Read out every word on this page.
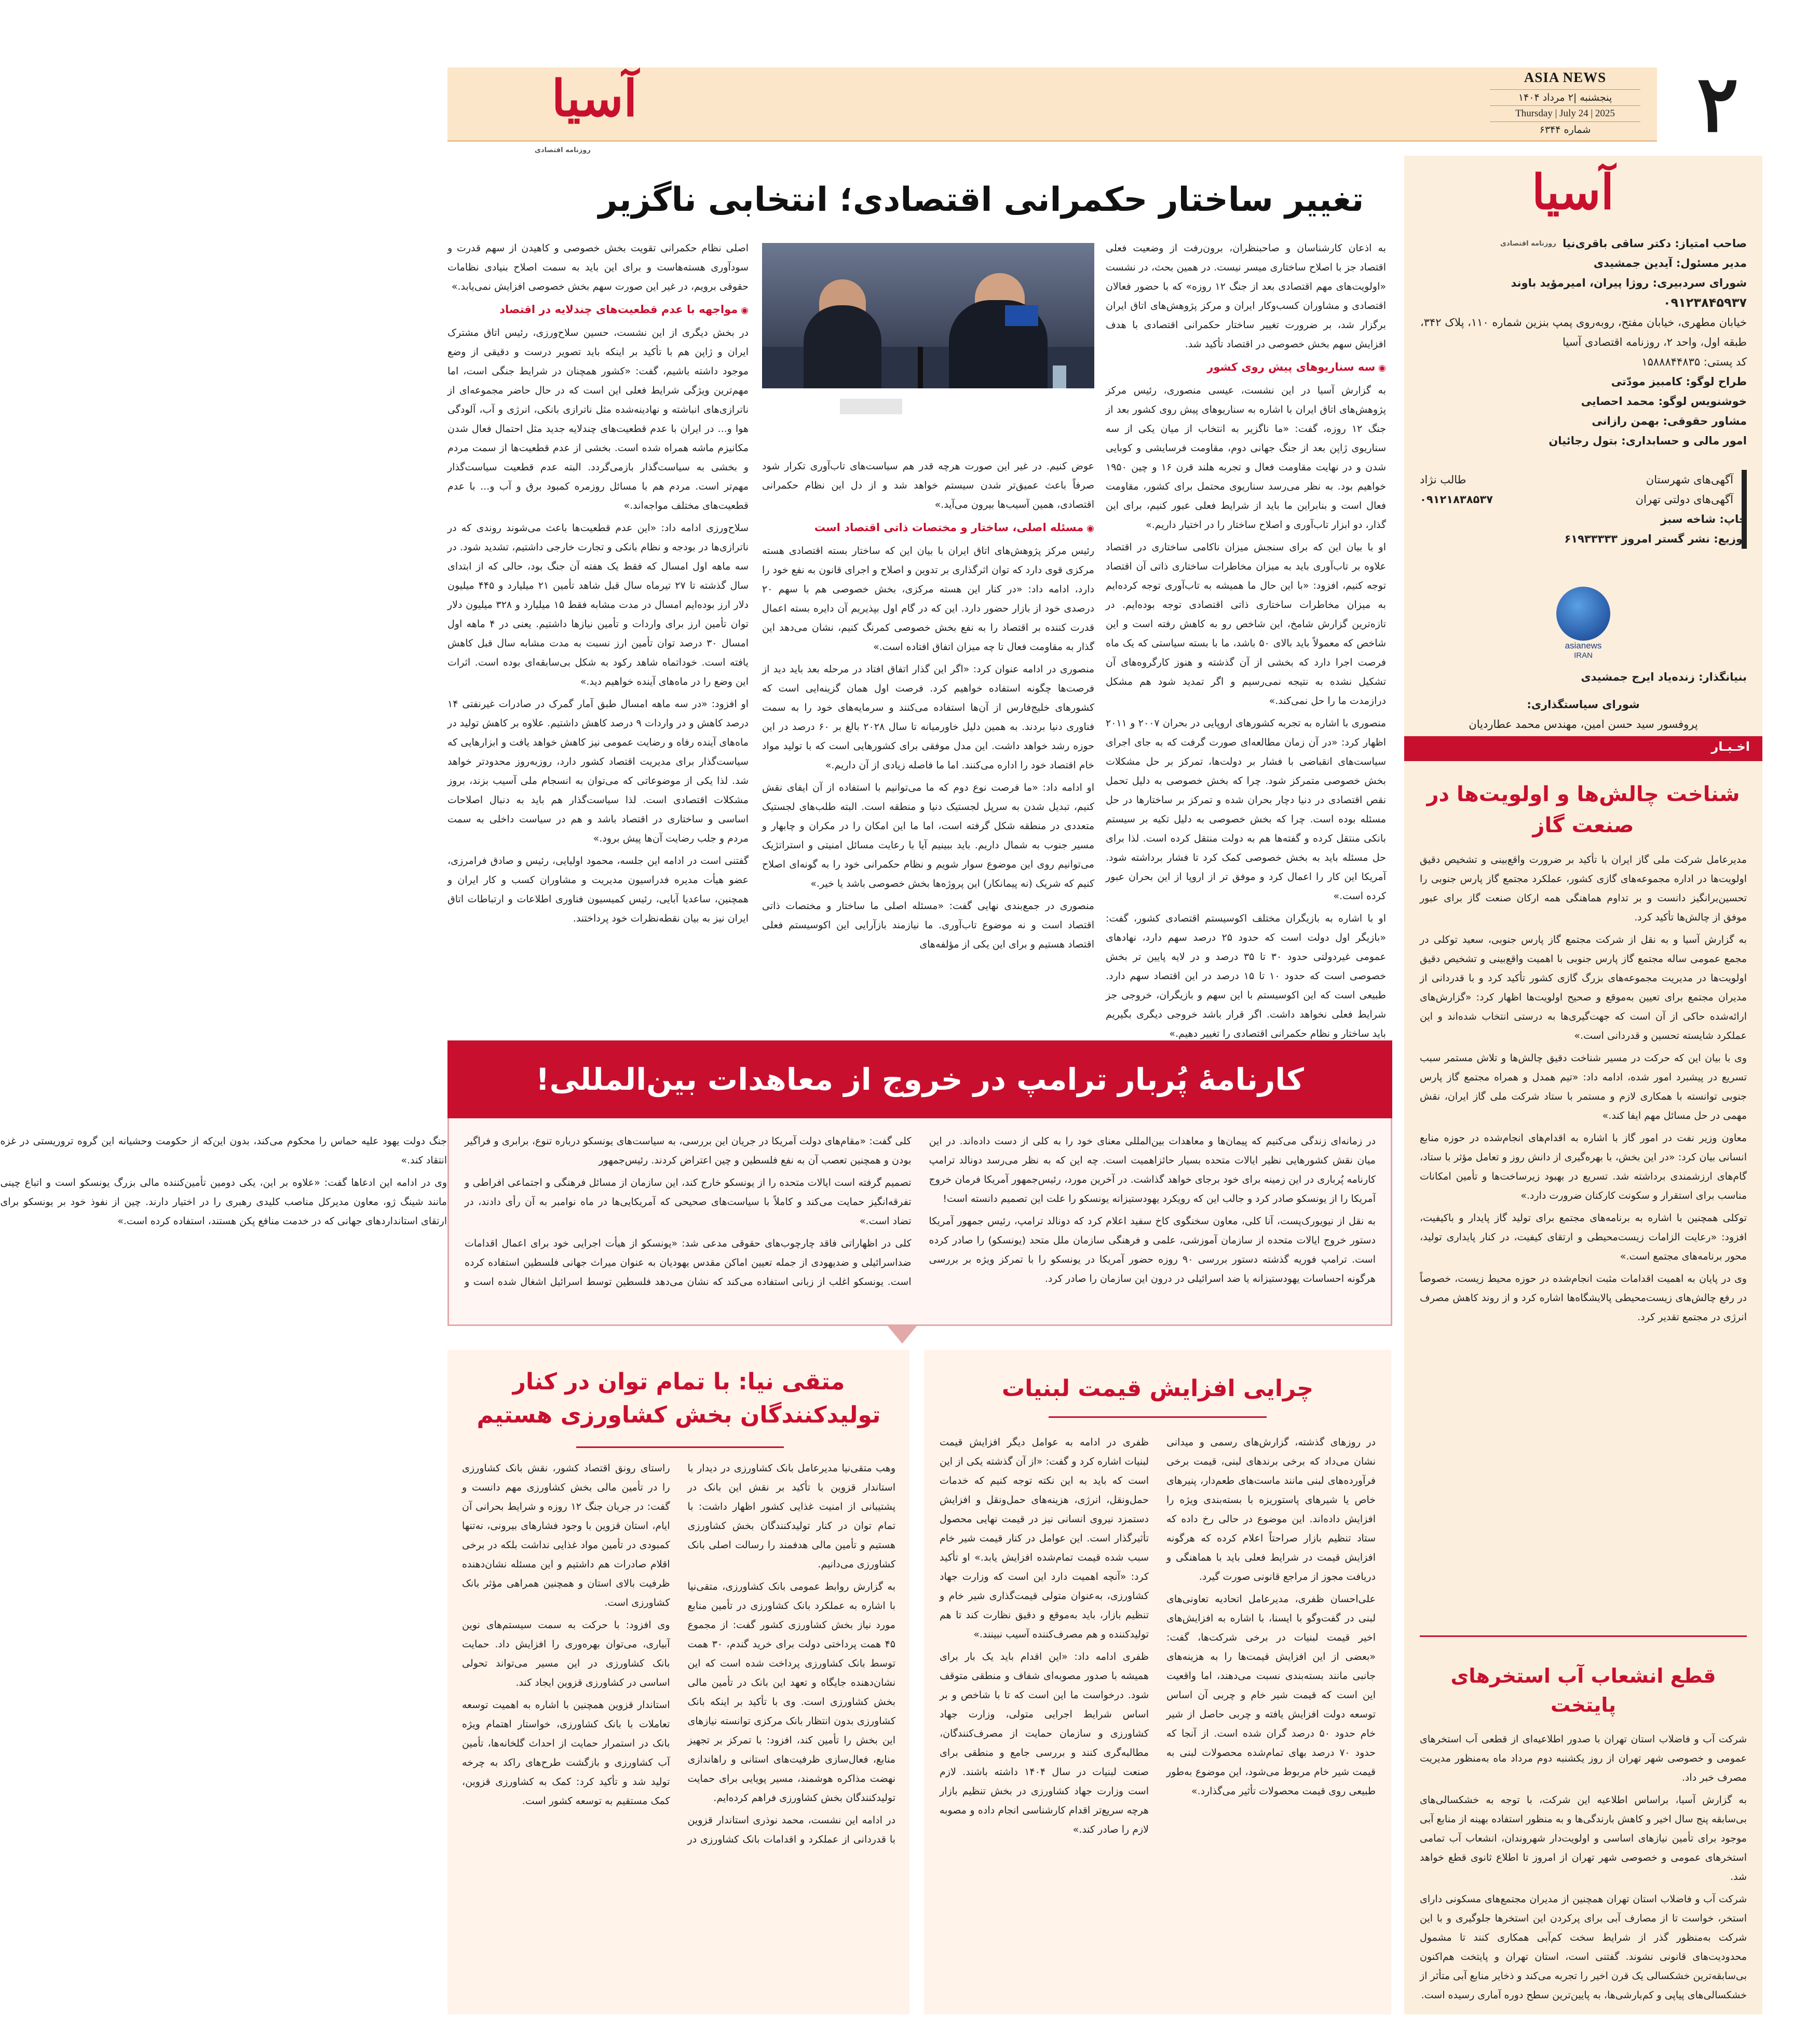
۲
ASIA NEWS
پنجشنبه |۲ مرداد ۱۴۰۴
Thursday | July 24 | 2025
شماره ۶۳۴۴
آسیا
روزنامه اقتصادی
آسیا
روزنامه اقتصادی صاحب امتیاز: دکتر ساقی باقری‌نیا
مدیر مسئول: آیدین جمشیدی
شورای سردبیری: روژا پیران، امیرمؤید باوند
۰۹۱۲۳۸۴۵۹۳۷
خیابان مطهری، خیابان مفتح، روبه‌روی پمپ بنزین شماره ۱۱۰، پلاک ۳۴۲، طبقه اول، واحد ۲، روزنامه اقتصادی آسیا
کد پستی: ۱۵۸۸۸۴۴۸۳۵
طراح لوگو: کامبیز مودّتی
خوشنویس لوگو: محمد احصایی
مشاور حقوقی: بهمن رازانی
امور مالی و حسابداری: بتول رجائیان
آگهی‌های شهرستان
طالب نژاد
آگهی‌های دولتی تهران
۰۹۱۲۱۸۳۸۵۳۷
چاپ: شاخه سبز
توزیع: نشر گستر امروز ۶۱۹۳۳۳۳۳
asianews
IRAN
بنیانگذار: زنده‌یاد ایرج جمشیدی
شورای سیاستگذاری:
پروفسور سید حسن امین، مهندس محمد عطاردیان
اخـبـار
شناخت چالش‌ها و اولویت‌ها در صنعت گاز

مدیرعامل شرکت ملی گاز ایران با تأکید بر ضرورت واقع‌بینی و تشخیص دقیق اولویت‌ها در اداره مجموعه‌های گازی کشور، عملکرد مجتمع گاز پارس جنوبی را تحسین‌برانگیز دانست و بر تداوم هماهنگی همه ارکان صنعت گاز برای عبور موفق از چالش‌ها تأکید کرد.

به گزارش آسیا و به نقل از شرکت مجتمع گاز پارس جنوبی، سعید توکلی در مجمع عمومی ساله مجتمع گاز پارس جنوبی با اهمیت واقع‌بینی و تشخیص دقیق اولویت‌ها در مدیریت مجموعه‌های بزرگ گازی کشور تأکید کرد و با قدردانی از مدیران مجتمع برای تعیین به‌موقع و صحیح اولویت‌ها اظهار کرد: «گزارش‌های ارائه‌شده حاکی از آن است که جهت‌گیری‌ها به درستی انتخاب شده‌اند و این عملکرد شایسته تحسین و قدردانی است.»

وی با بیان این که حرکت در مسیر شناخت دقیق چالش‌ها و تلاش مستمر سبب تسریع در پیشبرد امور شده، ادامه داد: «تیم همدل و همراه مجتمع گاز پارس جنوبی توانسته با همکاری لازم و مستمر با ستاد شرکت ملی گاز ایران، نقش مهمی در حل مسائل مهم ایفا کند.»

معاون وزیر نفت در امور گاز با اشاره به اقدام‌های انجام‌شده در حوزه منابع انسانی بیان کرد: «در این بخش، با بهره‌گیری از دانش روز و تعامل مؤثر با ستاد، گام‌های ارزشمندی برداشته شد. تسریع در بهبود زیرساخت‌ها و تأمین امکانات مناسب برای استقرار و سکونت کارکنان ضرورت دارد.»

توکلی همچنین با اشاره به برنامه‌های مجتمع برای تولید گاز پایدار و باکیفیت، افزود: «رعایت الزامات زیست‌محیطی و ارتقای کیفیت، در کنار پایداری تولید، محور برنامه‌های مجتمع است.»

وی در پایان به اهمیت اقدامات مثبت انجام‌شده در حوزه محیط زیست، خصوصاً در رفع چالش‌های زیست‌محیطی پالایشگاه‌ها اشاره کرد و از روند کاهش مصرف انرژی در مجتمع تقدیر کرد.

قطع انشعاب آب استخرهای پایتخت

شرکت آب و فاضلاب استان تهران با صدور اطلاعیه‌ای از قطعی آب استخرهای عمومی و خصوصی شهر تهران از روز یکشنبه دوم مرداد ماه به‌منظور مدیریت مصرف خبر داد.

به گزارش آسیا، براساس اطلاعیه این شرکت، با توجه به خشکسالی‌های بی‌سابقه پنج سال اخیر و کاهش بارندگی‌ها و به منظور استفاده بهینه از منابع آبی موجود برای تأمین نیازهای اساسی و اولویت‌دار شهروندان، انشعاب آب تمامی استخرهای عمومی و خصوصی شهر تهران از امروز تا اطلاع ثانوی قطع خواهد شد.

شرکت آب و فاضلاب استان تهران همچنین از مدیران مجتمع‌های مسکونی دارای استخر، خواست تا از مصارف آبی برای پرکردن این استخرها جلوگیری و با این شرکت به‌منظور گذر از شرایط سخت کم‌آبی همکاری کنند تا مشمول محدودیت‌های قانونی نشوند. گفتنی است، استان تهران و پایتخت هم‌اکنون بی‌سابقه‌ترین خشکسالی یک قرن اخیر را تجربه می‌کند و ذخایر منابع آبی متأثر از خشکسالی‌های پیاپی و کم‌بارشی‌ها، به پایین‌ترین سطح دوره آماری رسیده است.

تغییر ساختار حکمرانی اقتصادی؛ انتخابی ناگزیر

به اذعان کارشناسان و صاحبنظران، برون‌رفت از وضعیت فعلی اقتصاد جز با اصلاح ساختاری میسر نیست. در همین بحث، در نشست «اولویت‌های مهم اقتصادی بعد از جنگ ۱۲ روزه» که با حضور فعالان اقتصادی و مشاوران کسب‌وکار ایران و مرکز پژوهش‌های اتاق ایران برگزار شد، بر ضرورت تغییر ساختار حکمرانی اقتصادی با هدف افزایش سهم بخش خصوصی در اقتصاد تأکید شد.

◉ سه سناریوهای پیش روی کشور

به گزارش آسیا در این نشست، عیسی منصوری، رئیس مرکز پژوهش‌های اتاق ایران با اشاره به سناریوهای پیش روی کشور بعد از جنگ ۱۲ روزه، گفت: «ما ناگزیر به انتخاب از میان یکی از سه سناریوی ژاپن بعد از جنگ جهانی دوم، مقاومت فرسایشی و کوبایی شدن و در نهایت مقاومت فعال و تجربه هلند قرن ۱۶ و چین ۱۹۵۰ خواهیم بود. به نظر می‌رسد سناریوی محتمل برای کشور، مقاومت فعال است و بنابراین ما باید از شرایط فعلی عبور کنیم، برای این گذار، دو ابزار تاب‌آوری و اصلاح ساختار را در اختیار داریم.»

او با بیان این که برای سنجش میزان ناکامی ساختاری در اقتصاد علاوه بر تاب‌آوری باید به میزان مخاطرات ساختاری ذاتی آن اقتصاد توجه کنیم، افزود: «با این حال ما همیشه به تاب‌آوری توجه کرده‌ایم به میزان مخاطرات ساختاری ذاتی اقتصادی توجه بوده‌ایم. در تازه‌ترین گزارش شامخ، این شاخص رو به کاهش رفته است و این شاخص که معمولاً باید بالای ۵۰ باشد، ما با بسته سیاستی که یک ماه فرصت اجرا دارد که بخشی از آن گذشته و هنوز کارگروه‌های آن تشکیل نشده به نتیجه نمی‌رسیم و اگر تمدید شود هم مشکل درازمدت ما را حل نمی‌کند.»

منصوری با اشاره به تجربه کشورهای اروپایی در بحران ۲۰۰۷ و ۲۰۱۱ اظهار کرد: «در آن زمان مطالعه‌ای صورت گرفت که به جای اجرای سیاست‌های انقباضی با فشار بر دولت‌ها، تمرکز بر حل مشکلات بخش خصوصی متمرکز شود. چرا که بخش خصوصی به دلیل تحمل نقص اقتصادی در دنیا دچار بحران شده و تمرکز بر ساختارها در حل مسئله بوده است. چرا که بخش خصوصی به دلیل تکیه بر سیستم بانکی منتقل کرده و گفته‌ها هم به دولت منتقل کرده است. لذا برای حل مسئله باید به بخش خصوصی کمک کرد تا فشار برداشته شود. آمریکا این کار را اعمال کرد و موفق تر از اروپا از این بحران عبور کرده است.»

او با اشاره به بازیگران مختلف اکوسیستم اقتصادی کشور، گفت: «بازیگر اول دولت است که حدود ۲۵ درصد سهم دارد، نهادهای عمومی غیردولتی حدود ۳۰ تا ۳۵ درصد و در لایه پایین تر بخش خصوصی است که حدود ۱۰ تا ۱۵ درصد در این اقتصاد سهم دارد. طبیعی است که این اکوسیستم با این سهم و بازیگران، خروجی جز شرایط فعلی نخواهد داشت. اگر قرار باشد خروجی دیگری بگیریم باید ساختار و نظام حکمرانی اقتصادی را تغییر دهیم.»

عوض کنیم. در غیر این صورت هرچه قدر هم سیاست‌های تاب‌آوری تکرار شود صرفاً باعث عمیق‌تر شدن سیستم خواهد شد و از دل این نظام حکمرانی اقتصادی، همین آسیب‌ها بیرون می‌آید.»

◉ مسئله اصلی، ساختار و مختصات ذاتی اقتصاد است

رئیس مرکز پژوهش‌های اتاق ایران با بیان این که ساختار بسته اقتصادی هسته مرکزی قوی دارد که توان اثرگذاری بر تدوین و اصلاح و اجرای قانون به نفع خود را دارد، ادامه داد: «در کنار این هسته مرکزی، بخش خصوصی هم با سهم ۲۰ درصدی خود از بازار حضور دارد. این که در گام اول بپذیریم آن دایره بسته اعمال قدرت کننده بر اقتصاد را به نفع بخش خصوصی کمرنگ کنیم، نشان می‌دهد این گذار به مقاومت فعال تا چه میزان اتفاق افتاده است.»

منصوری در ادامه عنوان کرد: «اگر این گذار اتفاق افتاد در مرحله بعد باید دید از فرصت‌ها چگونه استفاده خواهیم کرد. فرصت اول همان گزینه‌ایی است که کشورهای خلیج‌فارس از آن‌ها استفاده می‌کنند و سرمایه‌های خود را به سمت فناوری دنیا بردند. به همین دلیل خاورمیانه تا سال ۲۰۲۸ بالغ بر ۶۰ درصد در این حوزه رشد خواهد داشت. این مدل موفقی برای کشورهایی است که با تولید مواد خام اقتصاد خود را اداره می‌کنند. اما ما فاصله زیادی از آن داریم.»

او ادامه داد: «ما فرصت نوع دوم که ما می‌توانیم با استفاده از آن ایفای نقش کنیم، تبدیل شدن به سرپل لجستیک دنیا و منطقه است. البته طلب‌های لجستیک متعددی در منطقه شکل گرفته است، اما ما این امکان را در مکران و چابهار و مسیر جنوب به شمال داریم. باید ببینیم آیا با رعایت مسائل امنیتی و استراتژیک می‌توانیم روی این موضوع سوار شویم و نظام حکمرانی خود را به گونه‌ای اصلاح کنیم که شریک (نه پیمانکار) این پروژه‌ها بخش خصوصی باشد یا خیر.»

منصوری در جمع‌بندی نهایی گفت: «مسئله اصلی ما ساختار و مختصات ذاتی اقتصاد است و نه موضوع تاب‌آوری. ما نیازمند بازآرایی این اکوسیستم فعلی اقتصاد هستیم و برای این یکی از مؤلفه‌های

اصلی نظام حکمرانی تقویت بخش خصوصی و کاهیدن از سهم قدرت و سودآوری هسته‌هاست و برای این باید به سمت اصلاح بنیادی نظامات حقوقی برویم، در غیر این صورت سهم بخش خصوصی افزایش نمی‌یابد.»

◉ مواجهه با عدم قطعیت‌های چندلایه در اقتصاد

در بخش دیگری از این نشست، حسین سلاح‌ورزی، رئیس اتاق مشترک ایران و ژاپن هم با تأکید بر اینکه باید تصویر درست و دقیقی از وضع موجود داشته باشیم، گفت: «کشور همچنان در شرایط جنگی است، اما مهم‌ترین ویژگی شرایط فعلی این است که در حال حاضر مجموعه‌ای از ناترازی‌های انباشته و نهادینه‌شده مثل ناترازی بانکی، انرژی و آب، آلودگی هوا و... در ایران با عدم قطعیت‌های چندلایه جدید مثل احتمال فعال شدن مکانیزم ماشه همراه شده است. بخشی از عدم قطعیت‌ها از سمت مردم و بخشی به سیاست‌گذار بازمی‌گردد. البته عدم قطعیت سیاست‌گذار مهم‌تر است. مردم هم با مسائل روزمره کمبود برق و آب و... با عدم قطعیت‌های مختلف مواجه‌اند.»

سلاح‌ورزی ادامه داد: «این عدم قطعیت‌ها باعث می‌شوند روندی که در ناترازی‌ها در بودجه و نظام بانکی و تجارت خارجی داشتیم، تشدید شود. در سه ماهه اول امسال که فقط یک هفته آن جنگ بود، حالی که از ابتدای سال گذشته تا ۲۷ تیرماه سال قبل شاهد تأمین ۲۱ میلیارد و ۴۴۵ میلیون دلار ارز بوده‌ایم امسال در مدت مشابه فقط ۱۵ میلیارد و ۳۲۸ میلیون دلار توان تأمین ارز برای واردات و تأمین نیازها داشتیم. یعنی در ۴ ماهه اول امسال ۳۰ درصد توان تأمین ارز نسبت به مدت مشابه سال قبل کاهش یافته است. خوداتماه شاهد رکود به شکل بی‌سابقه‌ای بوده است. اثرات این وضع را در ماه‌های آینده خواهیم دید.»

او افزود: «در سه ماهه امسال طبق آمار گمرک در صادرات غیرنفتی ۱۴ درصد کاهش و در واردات ۹ درصد کاهش داشتیم. علاوه بر کاهش تولید در ماه‌های آینده رفاه و رضایت عمومی نیز کاهش خواهد یافت و ابزارهایی که سیاست‌گذار برای مدیریت اقتصاد کشور دارد، روزبه‌روز محدودتر خواهد شد. لذا یکی از موضوعاتی که می‌توان به انسجام ملی آسیب بزند، بروز مشکلات اقتصادی است. لذا سیاست‌گذار هم باید به دنبال اصلاحات اساسی و ساختاری در اقتصاد باشد و هم در سیاست داخلی به سمت مردم و جلب رضایت آن‌ها پیش برود.»

گفتنی است در ادامه این جلسه، محمود اولیایی، رئیس و صادق فرامرزی، عضو هیأت مدیره فدراسیون مدیریت و مشاوران کسب و کار ایران و همچنین، ساعدیا آبایی، رئیس کمیسیون فناوری اطلاعات و ارتباطات اتاق ایران نیز به بیان نقطه‌نظرات خود پرداختند.

کارنامۀ پُربار ترامپ در خروج از معاهدات بین‌المللی!

در زمانه‌ای زندگی می‌کنیم که پیمان‌ها و معاهدات بین‌المللی معنای خود را به کلی از دست داده‌اند. در این میان نقش کشورهایی نظیر ایالات متحده بسیار حائزاهمیت است. چه این که به نظر می‌رسد دونالد ترامپ کارنامه پُرباری در این زمینه برای خود برجای خواهد گذاشت. در آخرین مورد، رئیس‌جمهور آمریکا فرمان خروج آمریکا را از یونسکو صادر کرد و جالب این که رویکرد یهودستیزانه یونسکو را علت این تصمیم دانسته است!

به نقل از نیویورک‌پست، آنا کلی، معاون سخنگوی کاخ سفید اعلام کرد که دونالد ترامپ، رئیس جمهور آمریکا دستور خروج ایالات متحده از سازمان آموزشی، علمی و فرهنگی سازمان ملل متحد (یونسکو) را صادر کرده است. ترامپ فوریه گذشته دستور بررسی ۹۰ روزه حضور آمریکا در یونسکو را با تمرکز ویژه بر بررسی هرگونه احساسات یهودستیزانه یا ضد اسرائیلی در درون این سازمان را صادر کرد.

کلی گفت: «مقام‌های دولت آمریکا در جریان این بررسی، به سیاست‌های یونسکو درباره تنوع، برابری و فراگیر بودن و همچنین تعصب آن به نفع فلسطین و چین اعتراض کردند. رئیس‌جمهور

تصمیم گرفته است ایالات متحده را از یونسکو خارج کند، این سازمان از مسائل فرهنگی و اجتماعی افراطی و تفرقه‌انگیز حمایت می‌کند و کاملاً با سیاست‌های صحیحی که آمریکایی‌ها در ماه نوامبر به آن رأی دادند، در تضاد است.»

کلی در اظهاراتی فاقد چارچوب‌های حقوقی مدعی شد: «یونسکو از هیأت اجرایی خود برای اعمال اقدامات ضد‌اسرائیلی و ضدیهودی از جمله تعیین اماکن مقدس یهودیان به عنوان میراث جهانی فلسطین استفاده کرده است. یونسکو اغلب از زبانی استفاده می‌کند که نشان می‌دهد فلسطین توسط اسرائیل اشغال شده است و جنگ دولت یهود علیه حماس را محکوم می‌کند، بدون این‌که از حکومت وحشیانه این گروه تروریستی در غزه انتقاد کند.»

وی در ادامه این ادعاها گفت: «علاوه بر این، یکی دومین تأمین‌کننده مالی بزرگ یونسکو است و اتباع چینی مانند شینگ ژو، معاون مدیرکل مناصب کلیدی رهبری را در اختیار دارند. چین از نفوذ خود بر یونسکو برای ارتقای استانداردهای جهانی که در خدمت منافع پکن هستند، استفاده کرده است.»

چرایی افزایش قیمت لبنیات

در روزهای گذشته، گزارش‌های رسمی و میدانی نشان می‌داد که برخی برندهای لبنی، قیمت برخی فرآورده‌های لبنی مانند ماست‌های طعم‌دار، پنیرهای خاص یا شیرهای پاستوریزه با بسته‌بندی ویژه را افزایش داده‌اند. این موضوع در حالی رخ داده که ستاد تنظیم بازار صراحتاً اعلام کرده که هرگونه افزایش قیمت در شرایط فعلی باید با هماهنگی و دریافت مجوز از مراجع قانونی صورت گیرد.

علی‌احسان ظفری، مدیرعامل اتحادیه تعاونی‌های لبنی در گفت‌وگو با ایسنا، با اشاره به افزایش‌های اخیر قیمت لبنیات در برخی شرکت‌ها، گفت: «بعضی از این افزایش قیمت‌ها را به هزینه‌های جانبی مانند بسته‌بندی نسبت می‌دهند، اما واقعیت این است که قیمت شیر خام و چربی آن اساس توسعه دولت افزایش یافته و چربی حاصل از شیر خام حدود ۵۰ درصد گران شده است. از آنجا که حدود ۷۰ درصد بهای تمام‌شده محصولات لبنی به قیمت شیر خام مربوط می‌شود، این موضوع به‌طور طبیعی روی قیمت محصولات تأثیر می‌گذارد.»

ظفری در ادامه به عوامل دیگر افزایش قیمت لبنیات اشاره کرد و گفت: «از آن گذشته یکی از این است که باید به این نکته توجه کنیم که خدمات حمل‌ونقل، انرژی، هزینه‌های حمل‌ونقل و افزایش دستمزد نیروی انسانی نیز در قیمت نهایی محصول تأثیرگذار است. این عوامل در کنار قیمت شیر خام سبب شده قیمت تمام‌شده افزایش یابد.» او تأکید کرد: «آنچه اهمیت دارد این است که وزارت جهاد کشاورزی، به‌عنوان متولی قیمت‌گذاری شیر خام و تنظیم بازار، باید به‌موقع و دقیق نظارت کند تا هم تولیدکننده و هم مصرف‌کننده آسیب نبینند.»

ظفری ادامه داد: «این اقدام باید یک بار برای همیشه با صدور مصوبه‌ای شفاف و منطقی متوقف شود. درخواست ما این است که تا با شاخص و بر اساس شرایط اجرایی متولی، وزارت جهاد کشاورزی و سازمان حمایت از مصرف‌کنندگان، مطالبه‌گری کنند و بررسی جامع و منطقی برای صنعت لبنیات در سال ۱۴۰۴ داشته باشند. لازم است وزارت جهاد کشاورزی در بخش تنظیم بازار هرچه سریع‌تر اقدام کارشناسی انجام داده و مصوبه لازم را صادر کند.»

متقی نیا: با تمام توان در کنار تولیدکنندگان بخش کشاورزی هستیم

وهب متقی‌نیا مدیرعامل بانک کشاورزی در دیدار با استاندار قزوین با تأکید بر نقش این بانک در پشتیبانی از امنیت غذایی کشور اظهار داشت: با تمام توان در کنار تولیدکنندگان بخش کشاورزی هستیم و تأمین مالی هدفمند را رسالت اصلی بانک کشاورزی می‌دانیم.

به گزارش روابط عمومی بانک کشاورزی، متقی‌نیا با اشاره به عملکرد بانک کشاورزی در تأمین منابع مورد نیاز بخش کشاورزی کشور گفت: از مجموع ۴۵ همت پرداختی دولت برای خرید گندم، ۳۰ همت توسط بانک کشاورزی پرداخت شده است که این نشان‌دهنده جایگاه و تعهد این بانک در تأمین مالی بخش کشاورزی است. وی با تأکید بر اینکه بانک کشاورزی بدون انتظار بانک مرکزی توانسته نیازهای این بخش را تأمین کند، افزود: با تمرکز بر تجهیز منابع، فعال‌سازی ظرفیت‌های استانی و راهاندازی نهضت مذاکره هوشمند، مسیر پویایی برای حمایت تولیدکنندگان بخش کشاورزی فراهم کرده‌ایم.

در ادامه این نشست، محمد نوذری استاندار قزوین با قدردانی از عملکرد و اقدامات بانک کشاورزی در راستای رونق اقتصاد کشور، نقش بانک کشاورزی را در تأمین مالی بخش کشاورزی مهم دانست و گفت: در جریان جنگ ۱۲ روزه و شرایط بحرانی آن ایام، استان قزوین با وجود فشارهای بیرونی، نه‌تنها کمبودی در تأمین مواد غذایی نداشت بلکه در برخی اقلام صادرات هم داشتیم و این مسئله نشان‌دهنده ظرفیت بالای استان و همچنین همراهی مؤثر بانک کشاورزی است.

وی افزود: با حرکت به سمت سیستم‌های نوین آبیاری، می‌توان بهره‌وری را افزایش داد. حمایت بانک کشاورزی در این مسیر می‌تواند تحولی اساسی در کشاورزی قزوین ایجاد کند.

استاندار قزوین همچنین با اشاره به اهمیت توسعه تعاملات با بانک کشاورزی، خواستار اهتمام ویژه بانک در استمرار حمایت از احداث گلخانه‌ها، تأمین آب کشاورزی و بازگشت طرح‌های راکد به چرخه تولید شد و تأکید کرد: کمک به کشاورزی قزوین، کمک مستقیم به توسعه کشور است.
